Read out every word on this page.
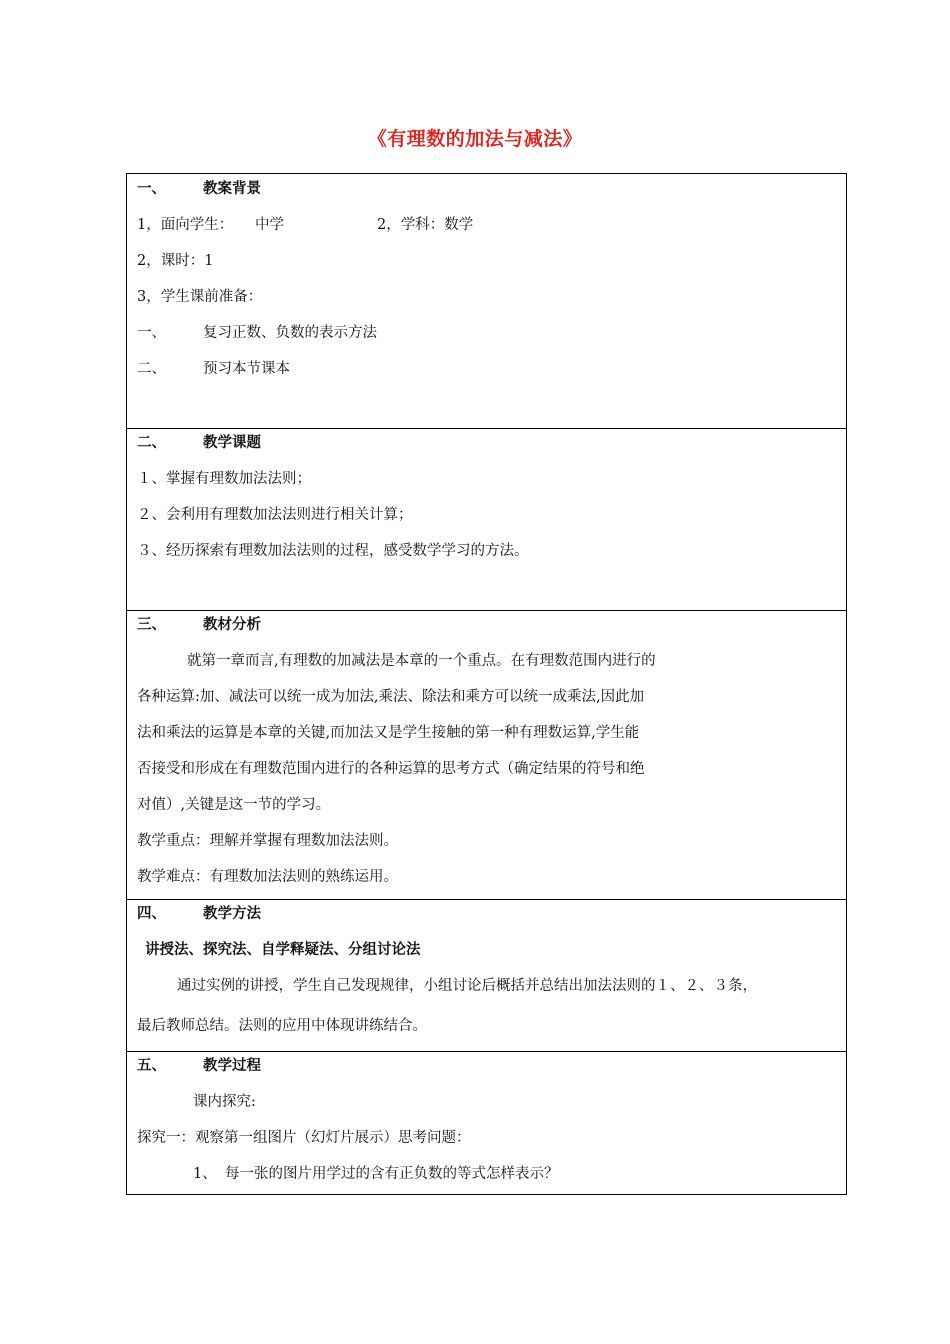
《有理数的加法与减法》
一、	教案背景
1，面向学生： 中学	2，学科：数学
2，课时：1
3，学生课前准备：
一、	复习正数、负数的表示方法
二、	预习本节课本
二、	教学课题
１、掌握有理数加法法则；
２、会利用有理数加法法则进行相关计算；
３、经历探索有理数加法法则的过程，感受数学学习的方法。
三、	教材分析
就第一章而言,有理数的加减法是本章的一个重点。在有理数范围内进行的
各种运算:加、减法可以统一成为加法,乘法、除法和乘方可以统一成乘法,因此加
法和乘法的运算是本章的关键,而加法又是学生接触的第一种有理数运算,学生能
否接受和形成在有理数范围内进行的各种运算的思考方式（确定结果的符号和绝
对值）,关键是这一节的学习。
教学重点：理解并掌握有理数加法法则。
教学难点：有理数加法法则的熟练运用。
四、	教学方法
讲授法、探究法、自学释疑法、分组讨论法
通过实例的讲授，学生自己发现规律，小组讨论后概括并总结出加法法则的１、２、３条，
最后教师总结。法则的应用中体现讲练结合。
五、	教学过程
课内探究:
探究一：观察第一组图片（幻灯片展示）思考问题：
1、 每一张的图片用学过的含有正负数的等式怎样表示？
